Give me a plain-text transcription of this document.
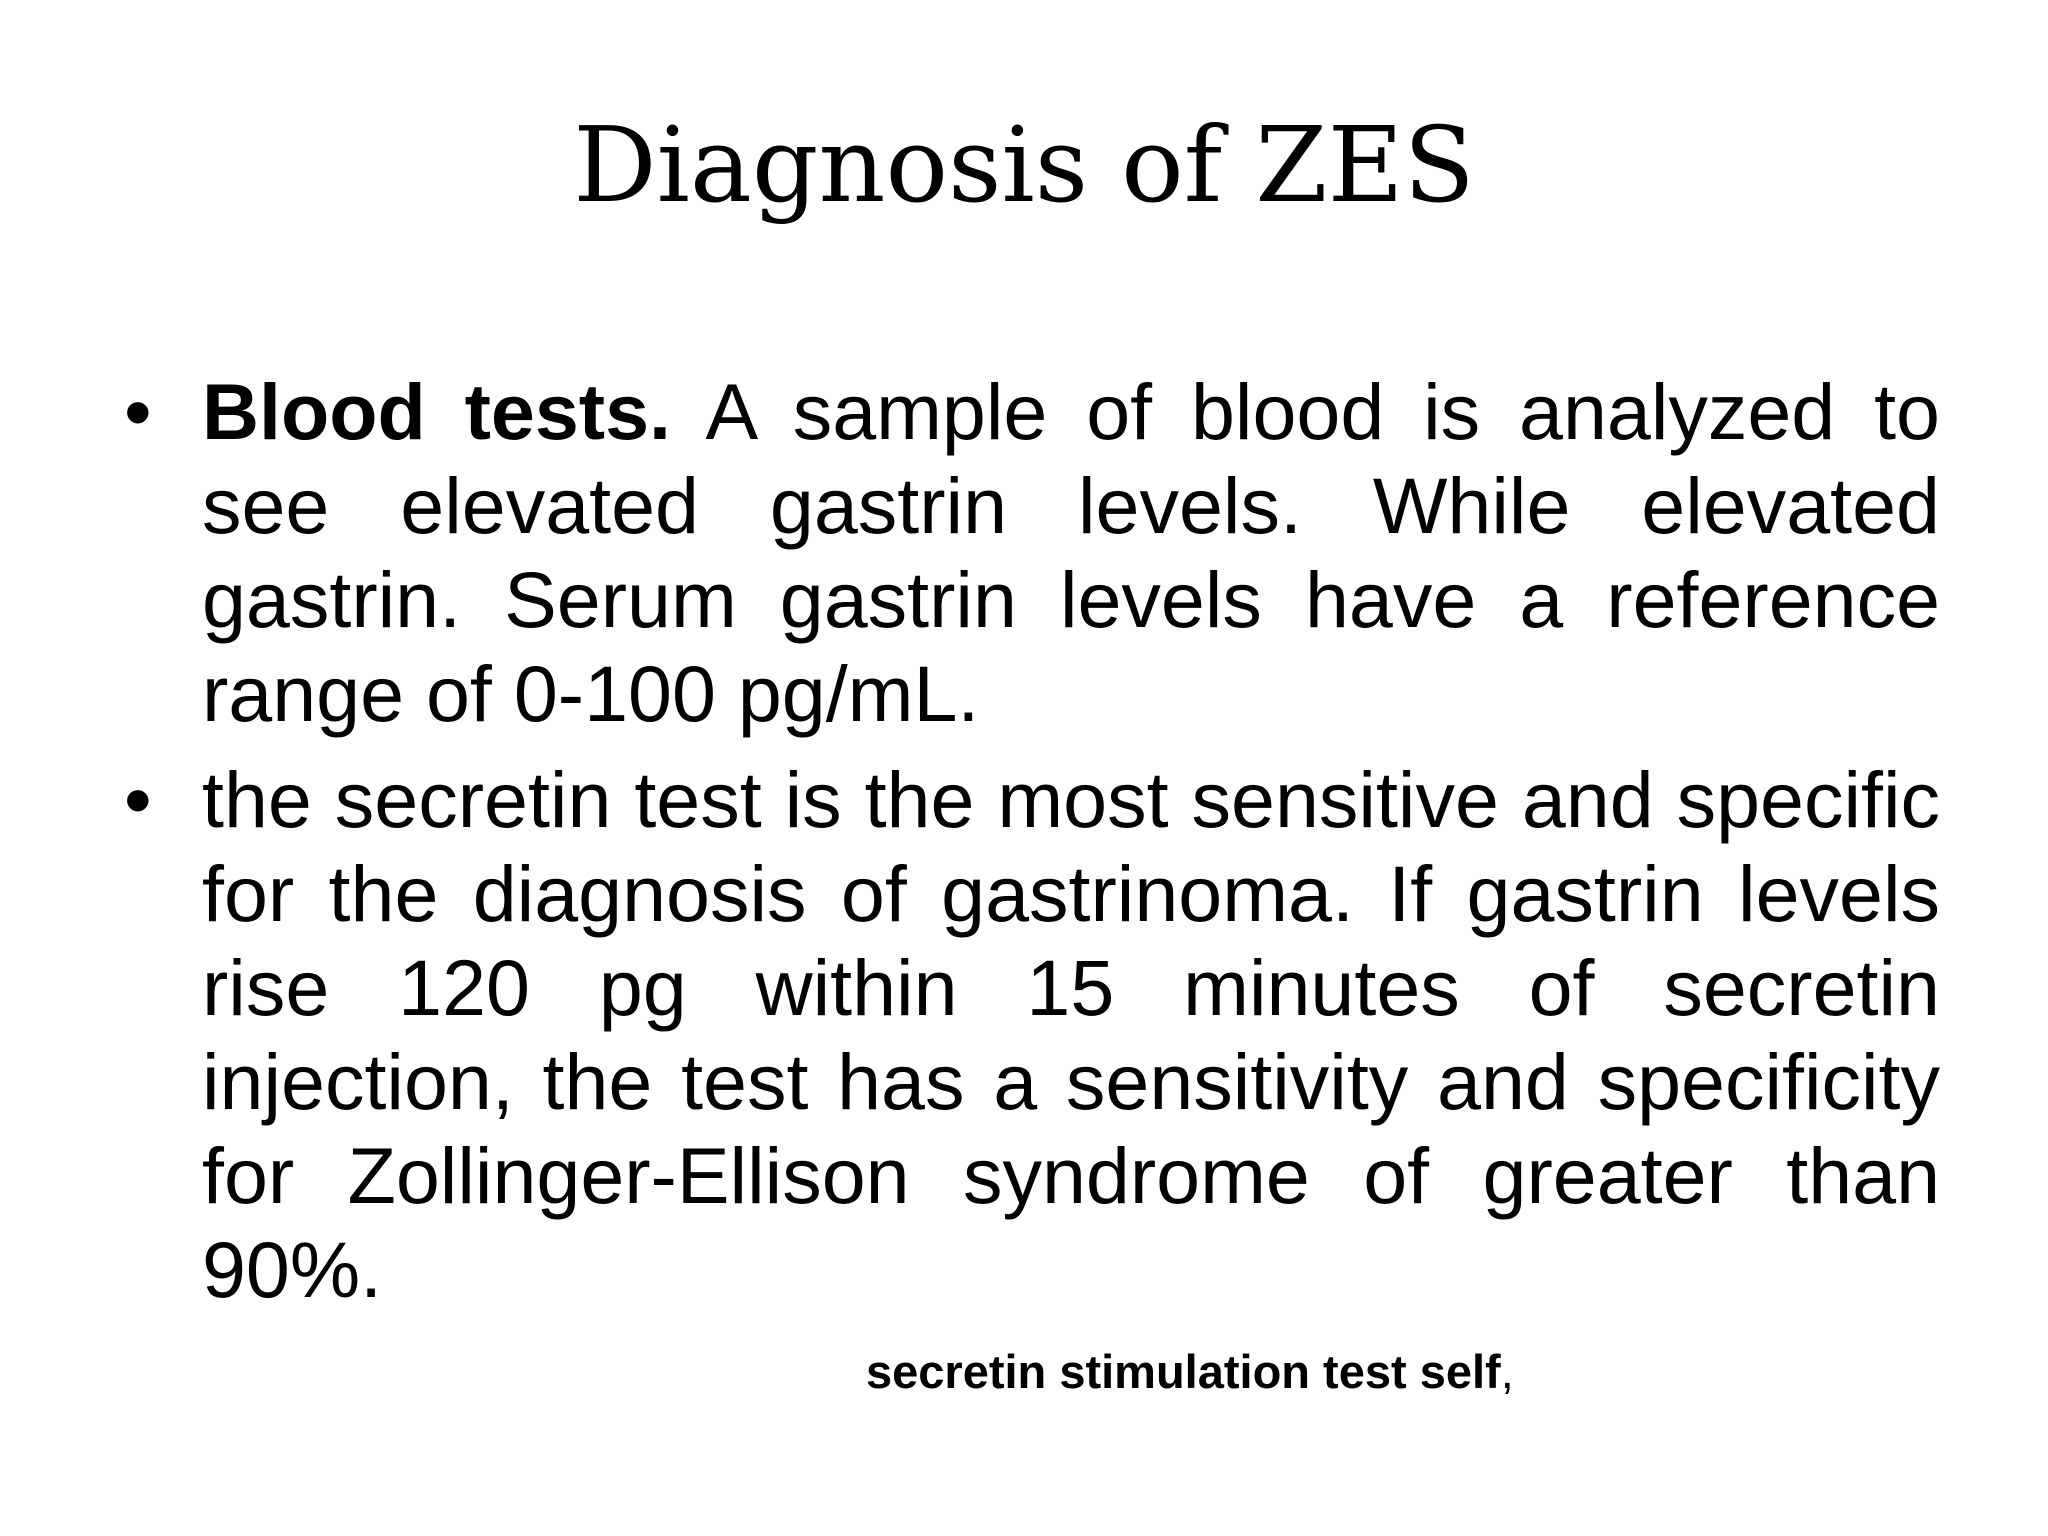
Diagnosis of ZES
• Blood tests. A sample of blood is analyzed to see elevated gastrin levels. While elevated gastrin. Serum gastrin levels have a reference range of 0-100 pg/mL.
• the secretin test is the most sensitive and specific for the diagnosis of gastrinoma. If gastrin levels rise 120 pg within 15 minutes of secretin injection, the test has a sensitivity and specificity for Zollinger-Ellison syndrome of greater than 90%.
secretin stimulation test self,
